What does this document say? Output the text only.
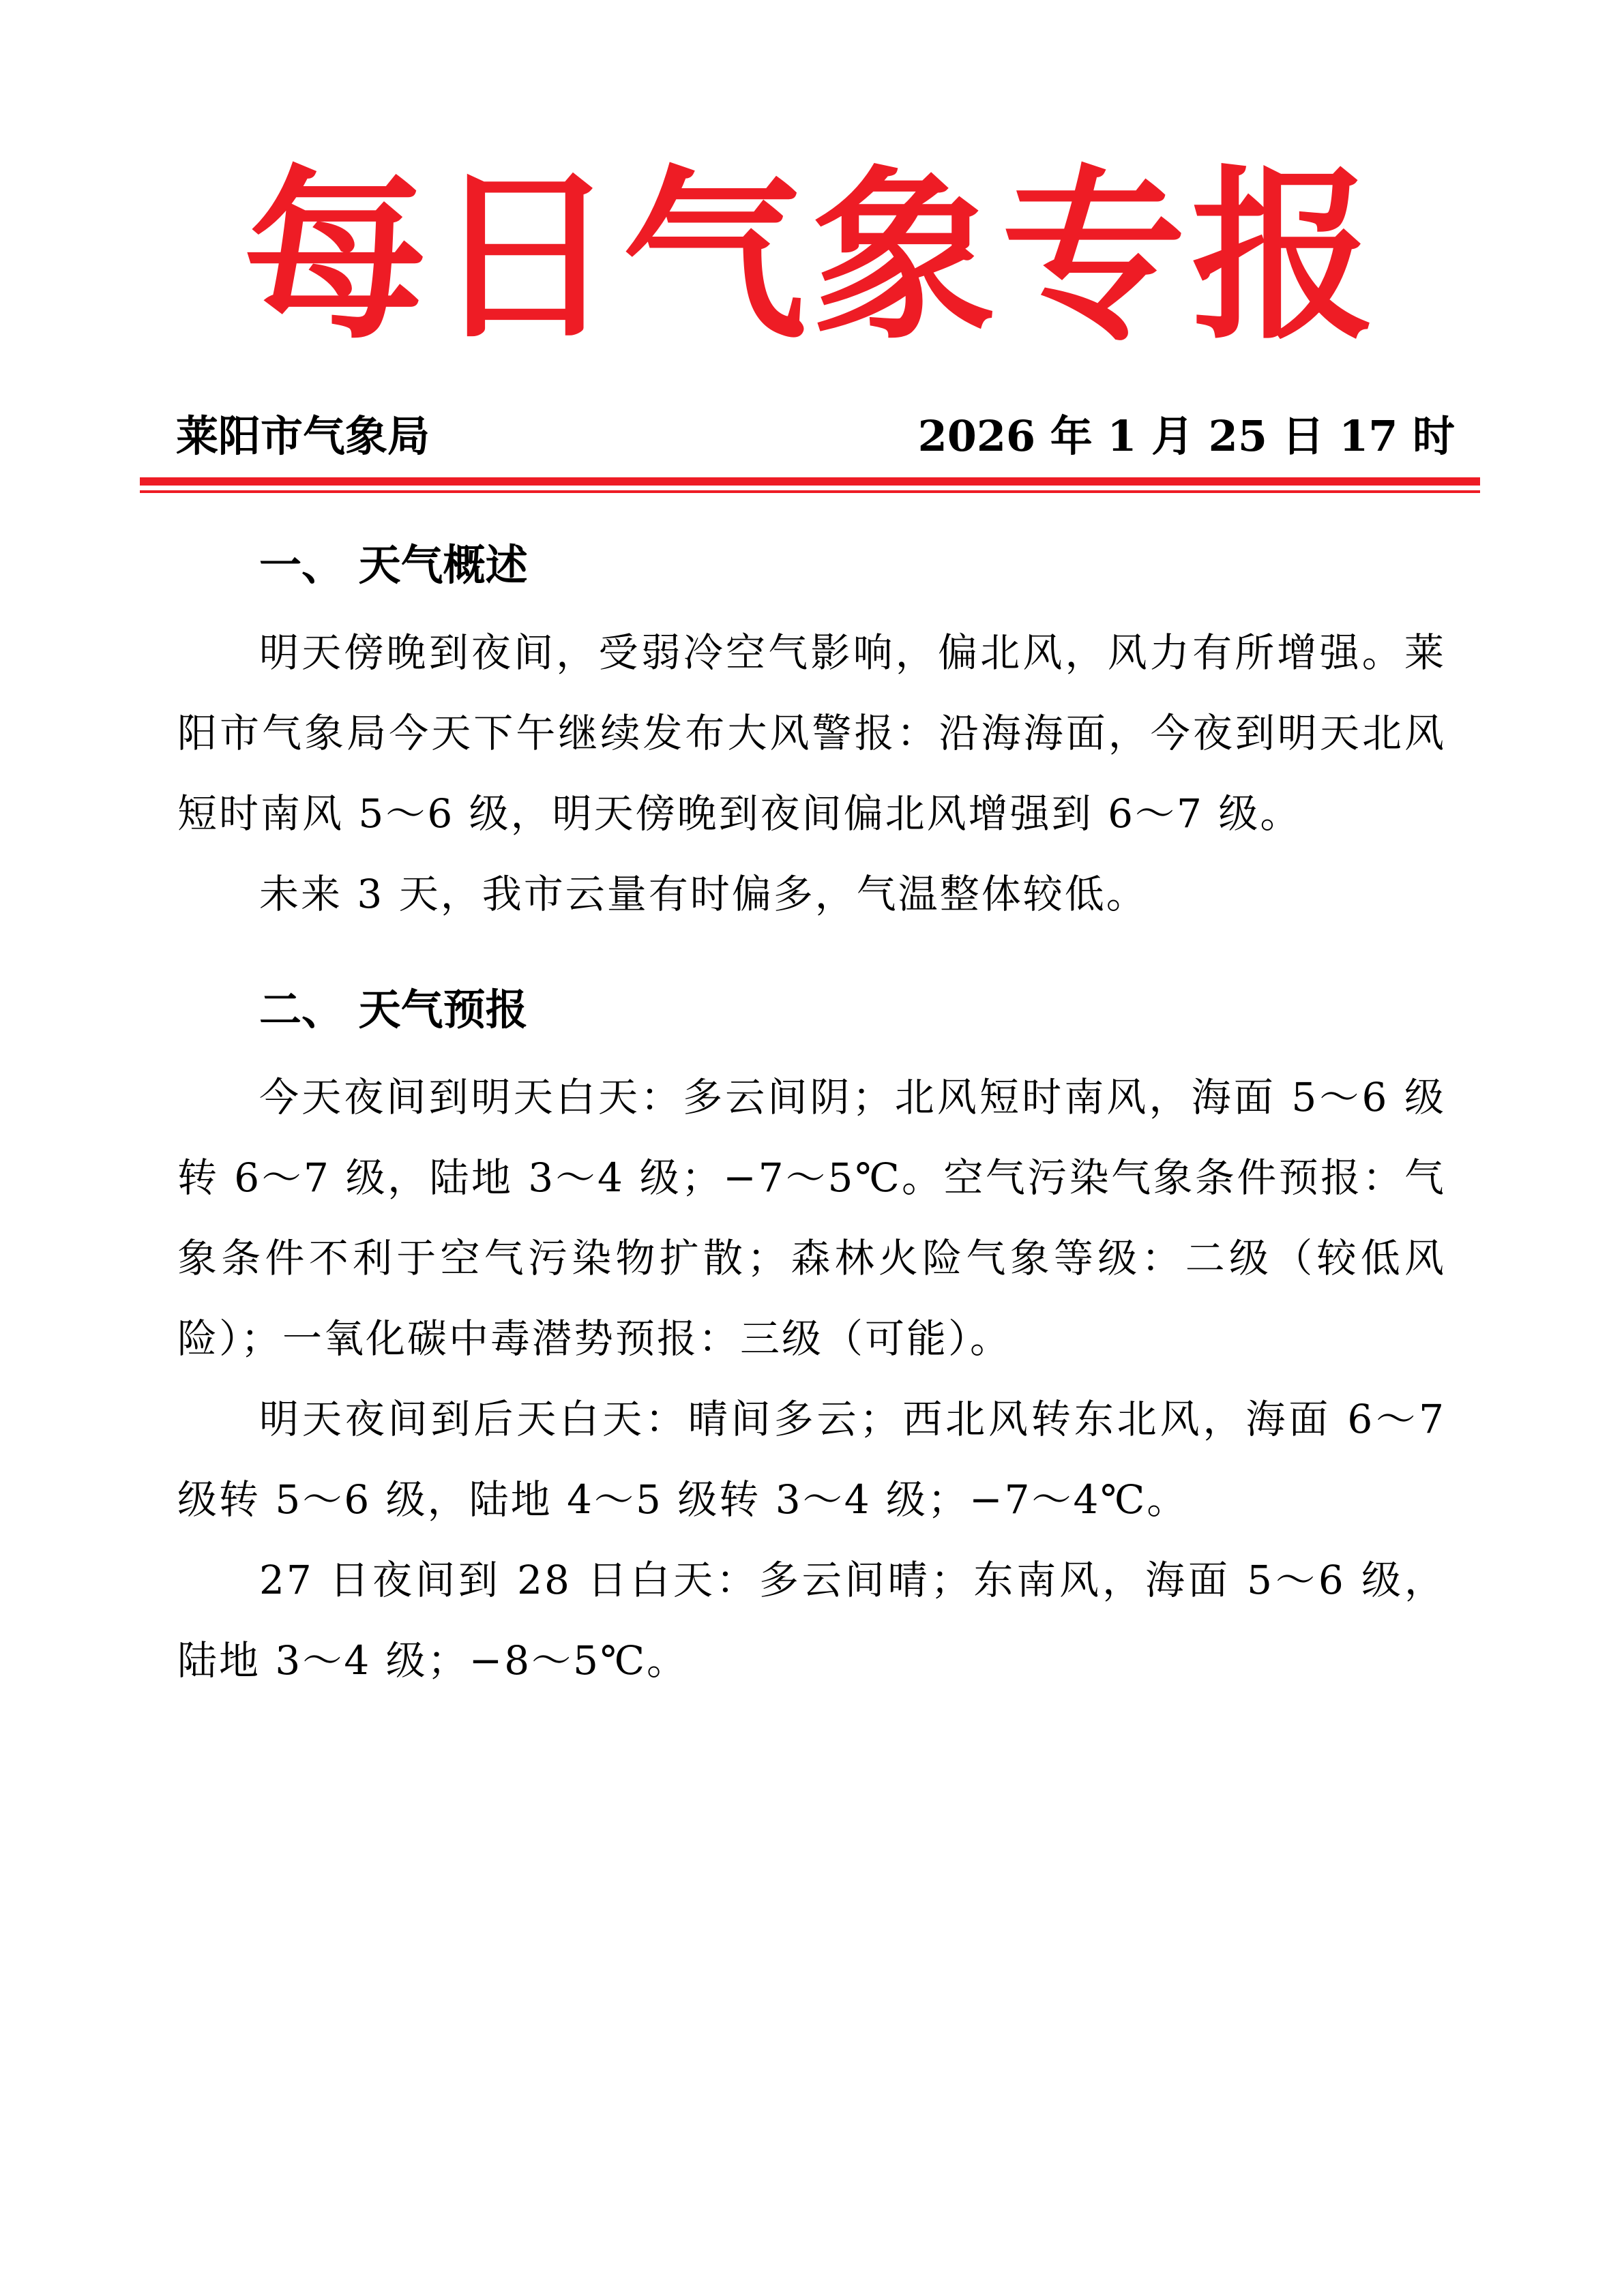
每日气象专报
莱阳市气象局	2026 年 1 月 25 日 17 时
一、 天气概述

明天傍晚到夜间，受弱冷空气影响，偏北风，风力有所增强。莱阳市气象局今天下午继续发布大风警报：沿海海面，今夜到明天北风短时南风 5～6 级，明天傍晚到夜间偏北风增强到 6～7 级。

未来 3 天，我市云量有时偏多，气温整体较低。

二、 天气预报

今天夜间到明天白天：多云间阴；北风短时南风，海面 5～6 级转 6～7 级，陆地 3～4 级；−7～5℃。空气污染气象条件预报：气象条件不利于空气污染物扩散；森林火险气象等级：二级（较低风险）；一氧化碳中毒潜势预报：三级（可能）。

明天夜间到后天白天：晴间多云；西北风转东北风，海面 6～7 级转 5～6 级，陆地 4～5 级转 3～4 级；−7～4℃。

27 日夜间到 28 日白天：多云间晴；东南风，海面 5～6 级，陆地 3～4 级；−8～5℃。
